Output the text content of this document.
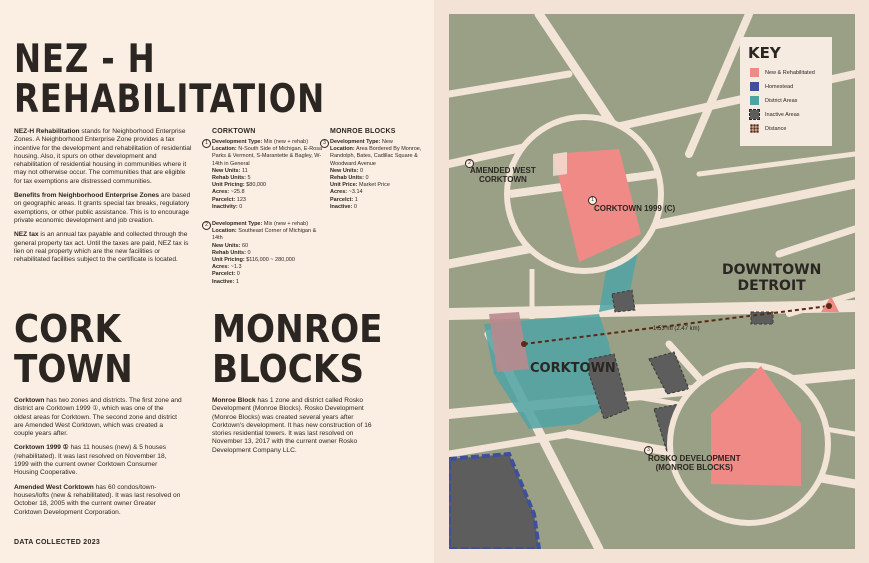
NEZ - H
REHABILITATION

NEZ-H Rehabilitation stands for Neighborhood Enterprise Zones. A Neighborhood Enterprise Zone provides a tax incentive for the development and rehabilitation of residential housing. Also, it spurs on other development and rehabilitation of residential housing in communities where it may not otherwise occur. The communities that are eligible for tax exemptions are distressed communities.

Benefits from Neighborhood Enterprise Zones are based on geographic areas. It grants special tax breaks, regulatory exemptions, or other public assistance. This is to encourage private economic development and job creation.

NEZ tax is an annual tax payable and collected through the general property tax act. Until the taxes are paid, NEZ tax is lien on real property which are the new facilities or rehabilitated facilities subject to the certificate is located.

CORKTOWN
1 Development Type: Mix (new + rehab)
Location: N-South Side of Michigan, E-Rosa Parks & Vermont, S-Marantette & Bagley, W-14th in General
New Units: 11
Rehab Units: 5
Unit Pricing: $80,000
Acres: ~25.8
Parcelct: 123
Inactivity: 0
2 Development Type: Mix (new + rehab)
Location: Southeast Corner of Michigan & 14th
New Units: 60
Rehab Units: 0
Unit Pricing: $116,000 ~ 280,000
Acres: ~1.3
Parcelct: 0
Inactive: 1
MONROE BLOCKS
3 Development Type: New
Location: Area Bordered By Monroe, Randolph, Bates, Cadillac Square & Woodward Avenue
New Units: 0
Rehab Units: 0
Unit Price: Market Price
Acres: ~3.14
Parcelct: 1
Inactive: 0
CORK
TOWN

Corktown has two zones and districts. The first zone and district are Corktown 1999 ①, which was one of the oldest areas for Corktown. The second zone and district are Amended West Corktown, which was created a couple years after.

Corktown 1999 ① has 11 houses (new) & 5 houses (rehabilitated). It was last resolved on November 18, 1999 with the current owner Corktown Consumer Housing Cooperative.

Amended West Corktown has 60 condos/town-houses/lofts (new & rehabilitated). It was last resolved on October 18, 2005 with the current owner Greater Corktown Development Corporation.

MONROE
BLOCKS

Monroe Block has 1 zone and district called Rosko Development (Monroe Blocks). Rosko Development (Monroe Blocks) was created several years after Corktown's development. It has new construction of 16 stories residential towers. It was last resolved on November 13, 2017 with the current owner Rosko Development Company LLC.

DATA COLLECTED 2023
2
AMENDED WEST
CORKTOWN
1
CORKTOWN 1999 (C)
DOWNTOWN
DETROIT
1.53 mi (2.47 km)
CORKTOWN
3
ROSKO DEVELOPMENT
(MONROE BLOCKS)
KEY
New & Rehabilitated
Homestead
District Areas
Inactive Areas
Distance
